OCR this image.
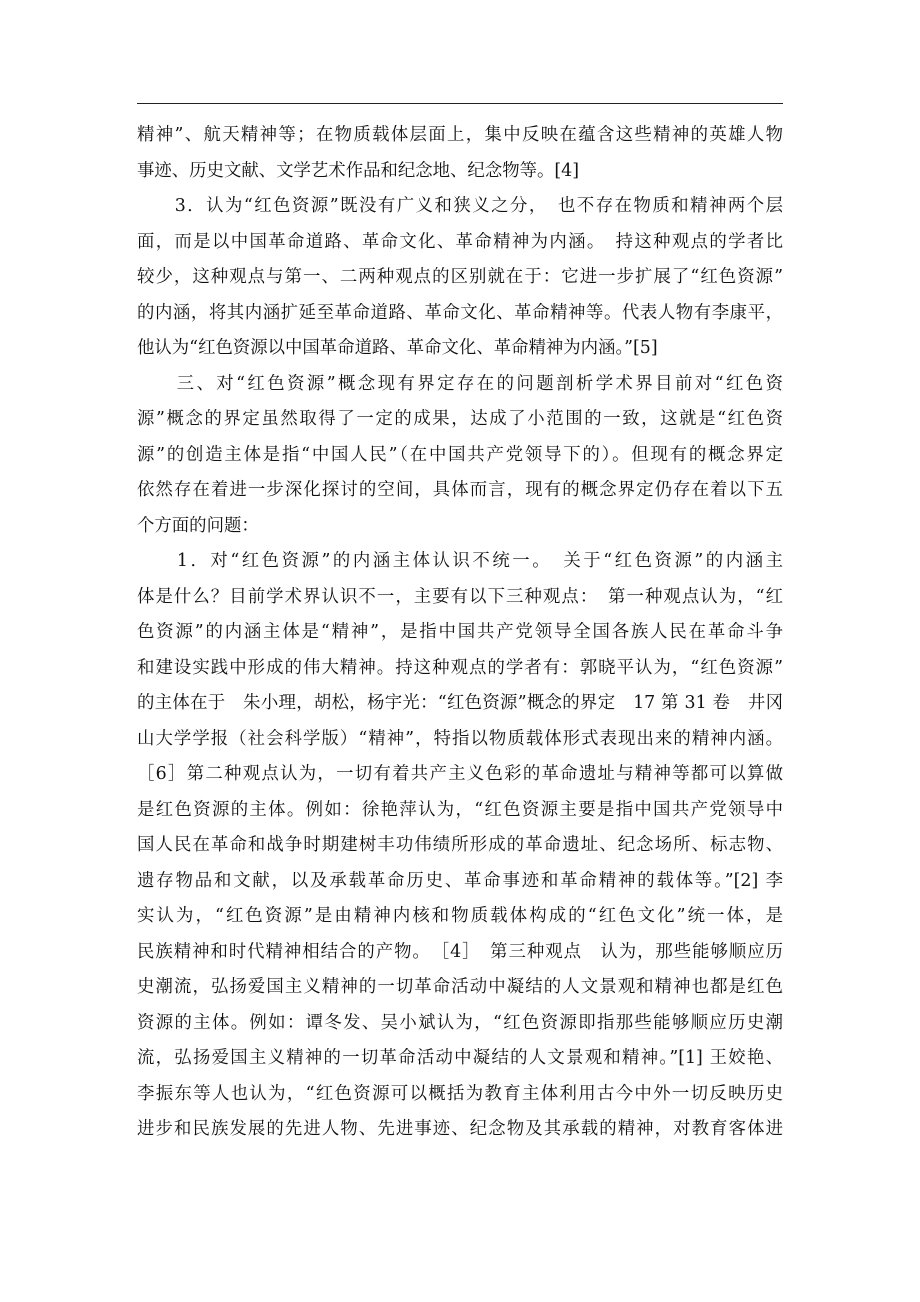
精神”、航天精神等；在物质载体层面上，集中反映在蕴含这些精神的英雄人物
事迹、历史文献、文学艺术作品和纪念地、纪念物等。[4]
　　3．认为“红色资源”既没有广义和狭义之分，　也不存在物质和精神两个层
面，而是以中国革命道路、革命文化、革命精神为内涵。　持这种观点的学者比
较少，这种观点与第一、二两种观点的区别就在于：它进一步扩展了“红色资源”
的内涵，将其内涵扩延至革命道路、革命文化、革命精神等。代表人物有李康平，
他认为“红色资源以中国革命道路、革命文化、革命精神为内涵。”[5]
　　三、对“红色资源”概念现有界定存在的问题剖析学术界目前对“红色资
源”概念的界定虽然取得了一定的成果，达成了小范围的一致，这就是“红色资
源”的创造主体是指“中国人民”（在中国共产党领导下的）。但现有的概念界定
依然存在着进一步深化探讨的空间，具体而言，现有的概念界定仍存在着以下五
个方面的问题：
　　1．对“红色资源”的内涵主体认识不统一。　关于“红色资源”的内涵主
体是什么？目前学术界认识不一，主要有以下三种观点：　第一种观点认为，“红
色资源”的内涵主体是“精神”，是指中国共产党领导全国各族人民在革命斗争
和建设实践中形成的伟大精神。持这种观点的学者有：郭晓平认为，“红色资源”
的主体在于　朱小理，胡松，杨宇光：“红色资源”概念的界定　17 第 31 卷　井冈
山大学学报（社会科学版）“精神”，特指以物质载体形式表现出来的精神内涵。
［6］第二种观点认为，一切有着共产主义色彩的革命遗址与精神等都可以算做
是红色资源的主体。例如：徐艳萍认为，“红色资源主要是指中国共产党领导中
国人民在革命和战争时期建树丰功伟绩所形成的革命遗址、纪念场所、标志物、
遗存物品和文献，以及承载革命历史、革命事迹和革命精神的载体等。”[2] 李
实认为，“红色资源”是由精神内核和物质载体构成的“红色文化”统一体，是
民族精神和时代精神相结合的产物。　［4］　第三种观点　认为，那些能够顺应历
史潮流，弘扬爱国主义精神的一切革命活动中凝结的人文景观和精神也都是红色
资源的主体。例如：谭冬发、吴小斌认为，“红色资源即指那些能够顺应历史潮
流，弘扬爱国主义精神的一切革命活动中凝结的人文景观和精神。”[1] 王姣艳、
李振东等人也认为，“红色资源可以概括为教育主体利用古今中外一切反映历史
进步和民族发展的先进人物、先进事迹、纪念物及其承载的精神，对教育客体进
